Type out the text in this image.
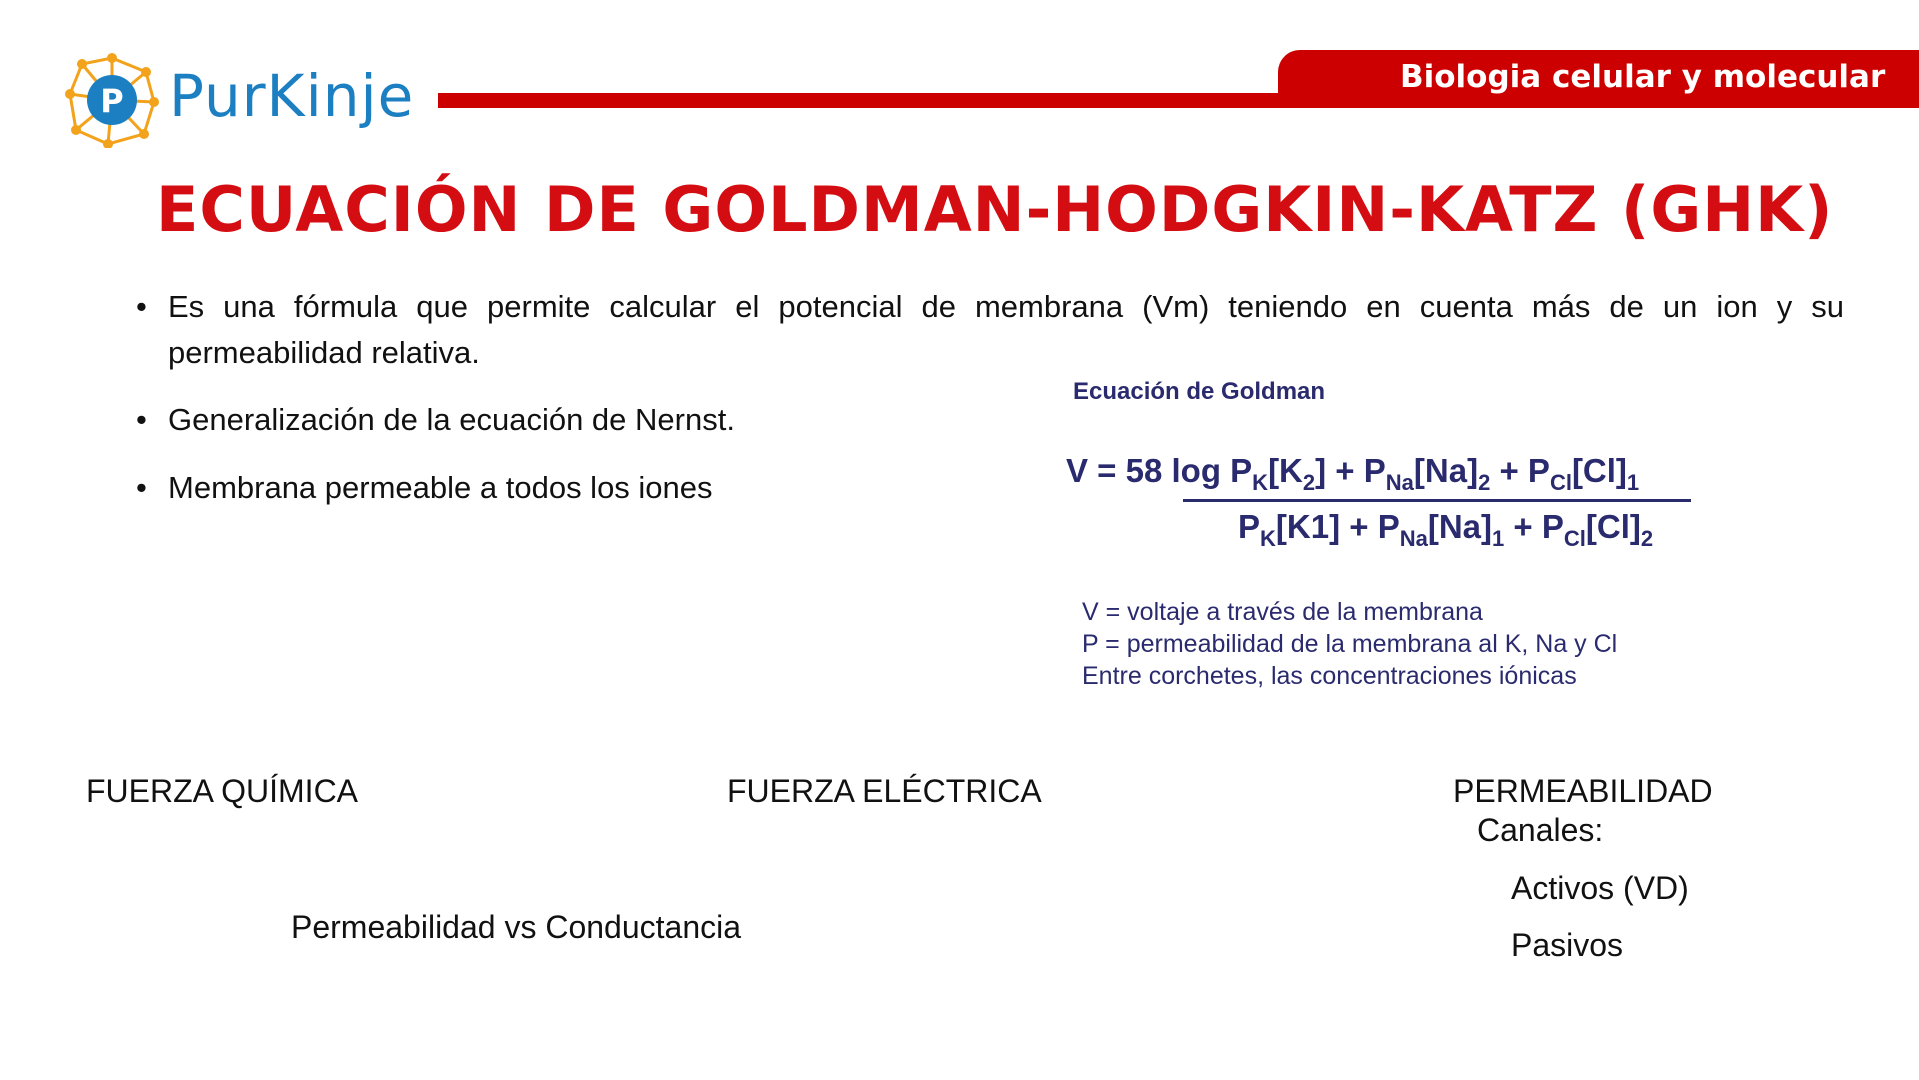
P PurKinje	Biologia celular y molecular
ECUACIÓN DE GOLDMAN-HODGKIN-KATZ (GHK)
• Es una fórmula que permite calcular el potencial de membrana (Vm) teniendo en cuenta más de un ion y su permeabilidad relativa.
• Generalización de la ecuación de Nernst.
• Membrana permeable a todos los iones
Ecuación de Goldman
V = 58 $\log P_K[K_2] + P_{Na}[Na]_2 + P_{Cl}[Cl]_1$
$P_K[K1] + P_{Na}[Na]_1 + P_{Cl}[Cl]_2$
V = voltaje a través de la membrana
P = permeabilidad de la membrana al K, Na y Cl
Entre corchetes, las concentraciones iónicas
FUERZA QUÍMICA	FUERZA ELÉCTRICA	PERMEABILIDAD
Canales:
Activos (VD)
Pasivos
Permeabilidad vs Conductancia
